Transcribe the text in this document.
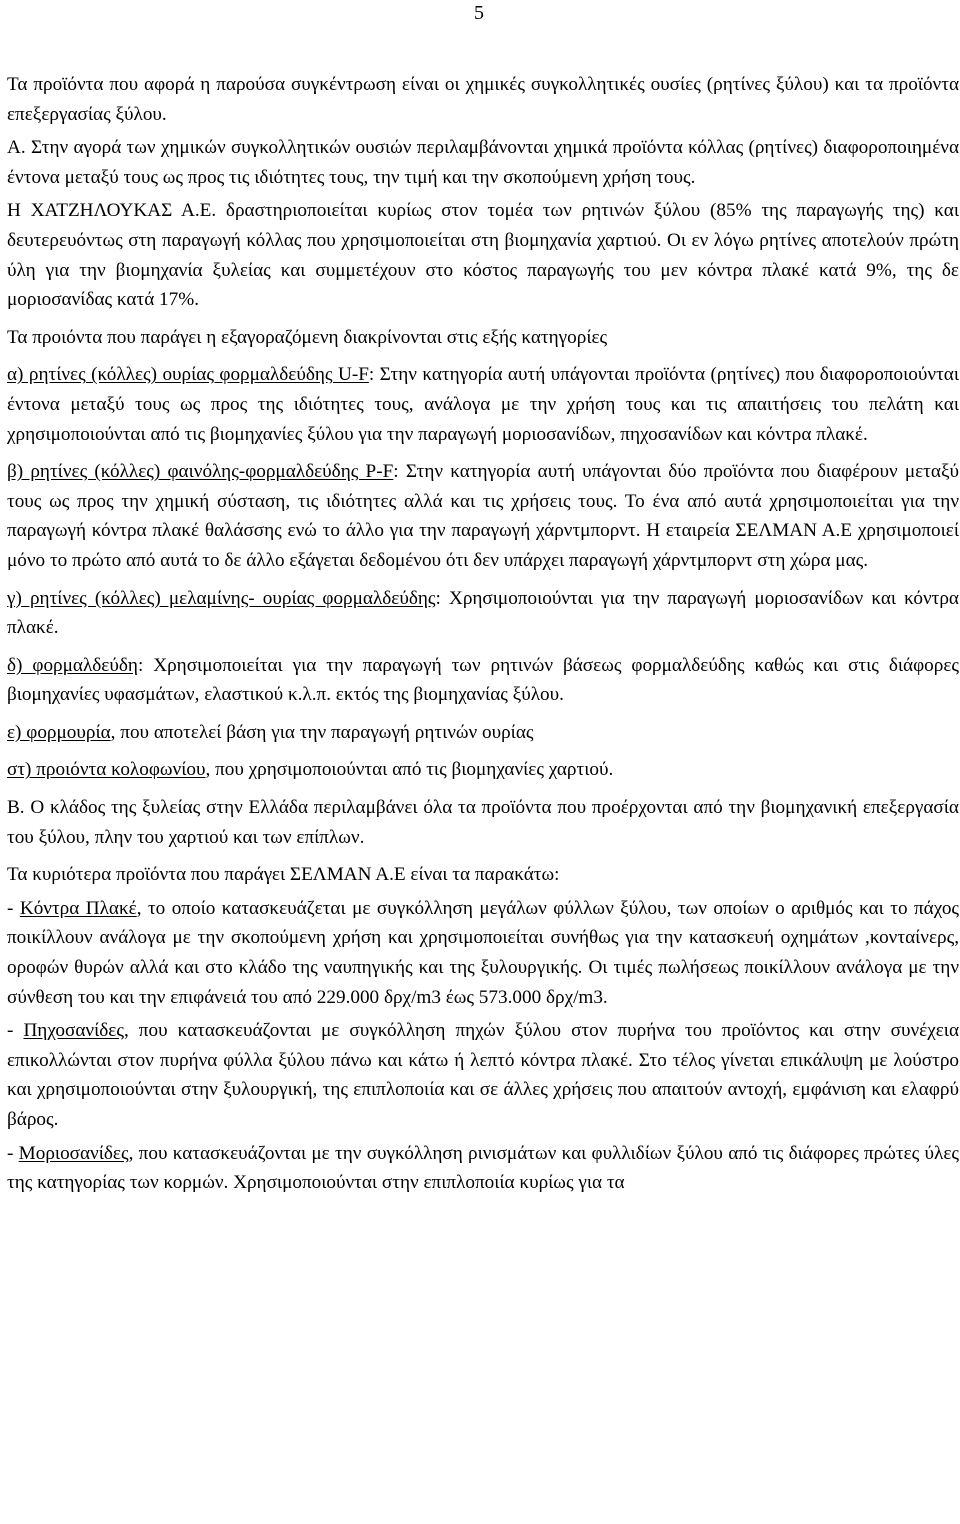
5

Τα προϊόντα που αφορά η παρούσα συγκέντρωση είναι οι χημικές συγκολλητικές ουσίες (ρητίνες ξύλου) και τα προϊόντα επεξεργασίας ξύλου.

Α. Στην αγορά των χημικών συγκολλητικών ουσιών περιλαμβάνονται χημικά προϊόντα κόλλας (ρητίνες) διαφοροποιημένα έντονα μεταξύ τους ως προς τις ιδιότητες τους, την τιμή και την σκοπούμενη χρήση τους.

Η ΧΑΤΖΗΛΟΥΚΑΣ Α.Ε. δραστηριοποιείται κυρίως στον τομέα των ρητινών ξύλου (85% της παραγωγής της) και δευτερευόντως στη παραγωγή κόλλας που χρησιμοποιείται στη βιομηχανία χαρτιού. Οι εν λόγω ρητίνες αποτελούν πρώτη ύλη για την βιομηχανία ξυλείας και συμμετέχουν στο κόστος παραγωγής του μεν κόντρα πλακέ κατά 9%, της δε μοριοσανίδας κατά 17%.

Τα προιόντα που παράγει η εξαγοραζόμενη διακρίνονται στις εξής κατηγορίες

α) ρητίνες (κόλλες) ουρίας φορμαλδεύδης U-F: Στην κατηγορία αυτή υπάγονται προϊόντα (ρητίνες) που διαφοροποιούνται έντονα μεταξύ τους ως προς της ιδιότητες τους, ανάλογα με την χρήση τους και τις απαιτήσεις του πελάτη και χρησιμοποιούνται από τις βιομηχανίες ξύλου για την παραγωγή μοριοσανίδων, πηχοσανίδων και κόντρα πλακέ.

β) ρητίνες (κόλλες) φαινόλης-φορμαλδεύδης P-F: Στην κατηγορία αυτή υπάγονται δύο προϊόντα που διαφέρουν μεταξύ τους ως προς την χημική σύσταση, τις ιδιότητες αλλά και τις χρήσεις τους. Το ένα από αυτά χρησιμοποιείται για την παραγωγή κόντρα πλακέ θαλάσσης ενώ το άλλο για την παραγωγή χάρντμπορντ. Η εταιρεία ΣΕΛΜΑΝ Α.Ε χρησιμοποιεί μόνο το πρώτο από αυτά το δε άλλο εξάγεται δεδομένου ότι δεν υπάρχει παραγωγή χάρντμπορντ στη χώρα μας.

γ) ρητίνες (κόλλες) μελαμίνης- ουρίας φορμαλδεύδης: Χρησιμοποιούνται για την παραγωγή μοριοσανίδων και κόντρα πλακέ.

δ) φορμαλδεύδη: Χρησιμοποιείται για την παραγωγή των ρητινών βάσεως φορμαλδεύδης καθώς και στις διάφορες βιομηχανίες υφασμάτων, ελαστικού κ.λ.π. εκτός της βιομηχανίας ξύλου.

ε) φορμουρία, που αποτελεί βάση για την παραγωγή ρητινών ουρίας

στ) προιόντα κολοφωνίου, που χρησιμοποιούνται από τις βιομηχανίες χαρτιού.

Β. Ο κλάδος της ξυλείας στην Ελλάδα περιλαμβάνει όλα τα προϊόντα που προέρχονται από την βιομηχανική επεξεργασία του ξύλου, πλην του χαρτιού και των επίπλων.

Τα κυριότερα προϊόντα που παράγει ΣΕΛΜΑΝ Α.Ε είναι τα παρακάτω:

- Κόντρα Πλακέ, το οποίο κατασκευάζεται με συγκόλληση μεγάλων φύλλων ξύλου, των οποίων ο αριθμός και το πάχος ποικίλλουν ανάλογα με την σκοπούμενη χρήση και χρησιμοποιείται συνήθως για την κατασκευή οχημάτων ,κονταίνερς, οροφών θυρών αλλά και στο κλάδο της ναυπηγικής και της ξυλουργικής. Οι τιμές πωλήσεως ποικίλλουν ανάλογα με την σύνθεση του και την επιφάνειά του από 229.000 δρχ/m3 έως 573.000 δρχ/m3.

- Πηχοσανίδες, που κατασκευάζονται με συγκόλληση πηχών ξύλου στον πυρήνα του προϊόντος και στην συνέχεια επικολλώνται στον πυρήνα φύλλα ξύλου πάνω και κάτω ή λεπτό κόντρα πλακέ. Στο τέλος γίνεται επικάλυψη με λούστρο και χρησιμοποιούνται στην ξυλουργική, της επιπλοποιία και σε άλλες χρήσεις που απαιτούν αντοχή, εμφάνιση και ελαφρύ βάρος.

- Μοριοσανίδες, που κατασκευάζονται με την συγκόλληση ρινισμάτων και φυλλιδίων ξύλου από τις διάφορες πρώτες ύλες της κατηγορίας των κορμών. Χρησιμοποιούνται στην επιπλοποιία κυρίως για τα
